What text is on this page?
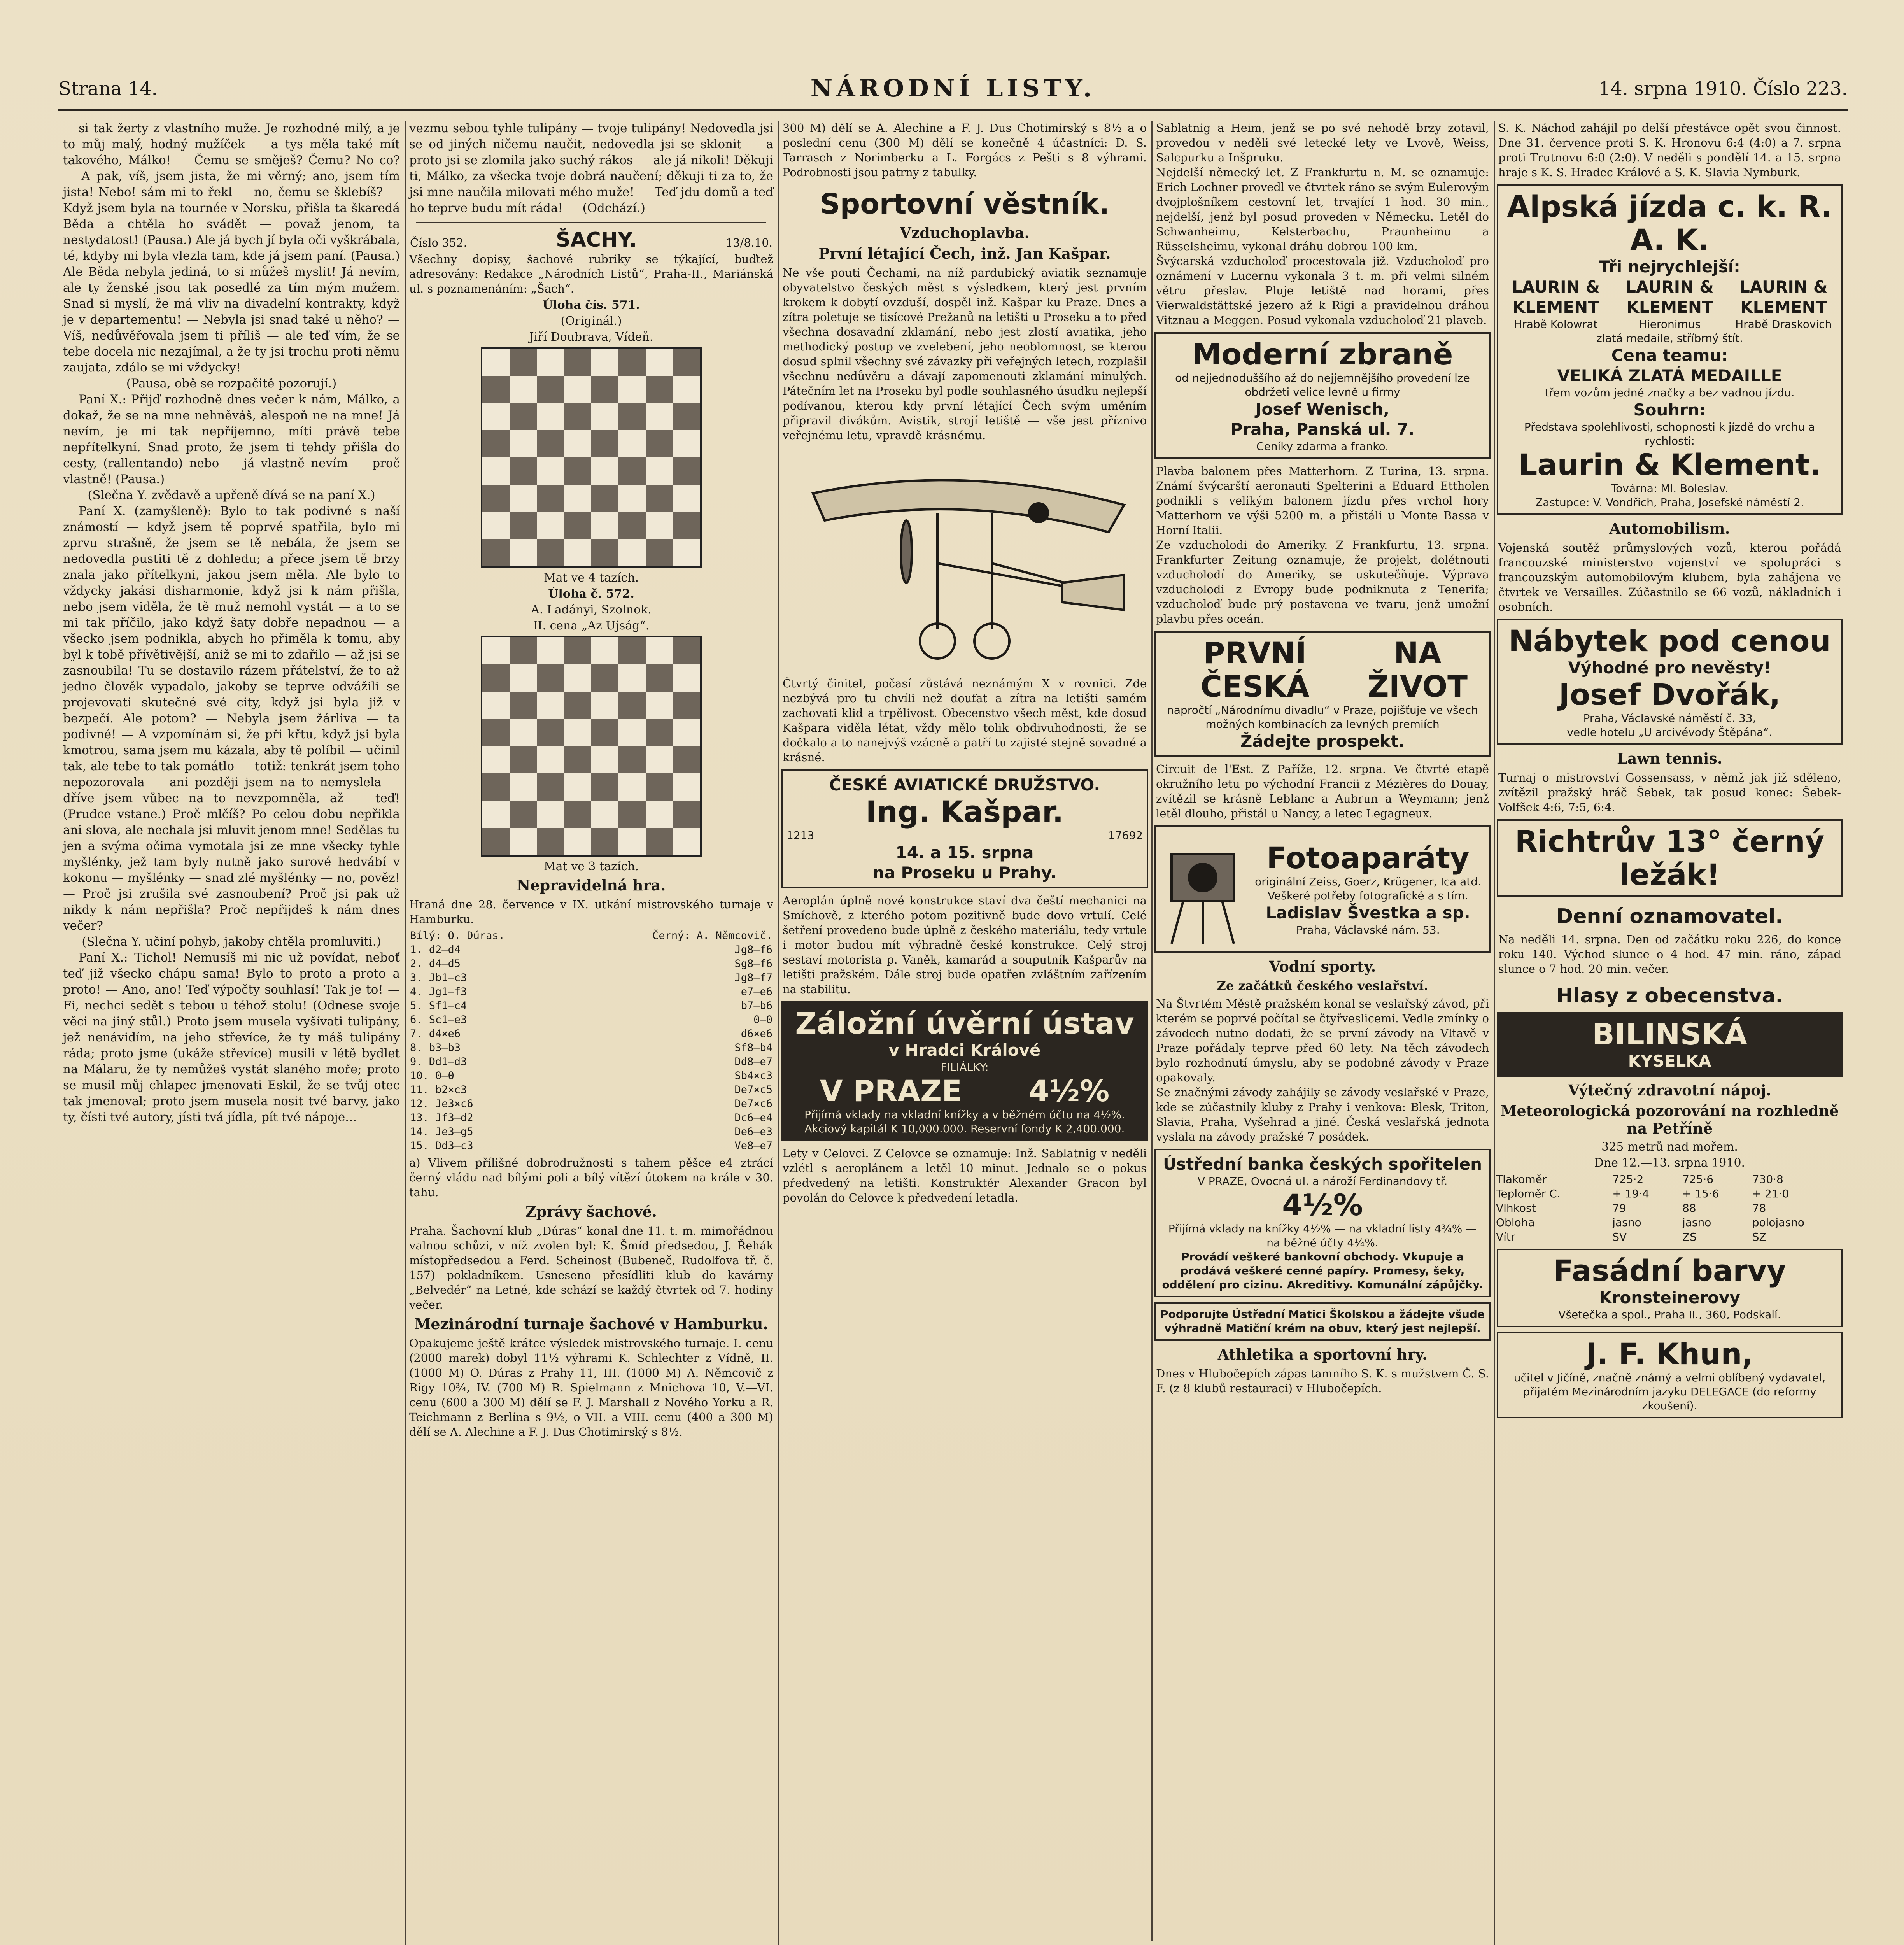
Strana 14.	NÁRODNÍ LISTY.	14. srpna 1910. Číslo 223.

si tak žerty z vlastního muže. Je rozhodně milý, a je to můj malý, hodný mužíček — a tys měla také mít takového, Málko! — Čemu se směješ? Čemu? No co? — A pak, víš, jsem jista, že mi věrný; ano, jsem tím jista! Nebo! sám mi to řekl — no, čemu se šklebíš? — Když jsem byla na tournée v Norsku, přišla ta škaredá Běda a chtěla ho svádět — považ jenom, ta nestydatost! (Pausa.) Ale já bych jí byla oči vyškrábala, té, kdyby mi byla vlezla tam, kde já jsem paní. (Pausa.) Ale Běda nebyla jediná, to si můžeš myslit! Já nevím, ale ty ženské jsou tak posedlé za tím mým mužem. Snad si myslí, že má vliv na divadelní kontrakty, když je v departementu! — Nebyla jsi snad také u něho? — Víš, nedůvěřovala jsem ti příliš — ale teď vím, že se tebe docela nic nezajímal, a že ty jsi trochu proti němu zaujata, zdálo se mi vždycky!

(Pausa, obě se rozpačitě pozorují.)

Paní X.: Přijď rozhodně dnes večer k nám, Málko, a dokaž, že se na mne nehněváš, alespoň ne na mne! Já nevím, je mi tak nepříjemno, míti právě tebe nepřítelkyní. Snad proto, že jsem ti tehdy přišla do cesty, (rallentando) nebo — já vlastně nevím — proč vlastně! (Pausa.)

(Slečna Y. zvědavě a upřeně dívá se na paní X.)

Paní X. (zamyšleně): Bylo to tak podivné s naší známostí — když jsem tě poprvé spatřila, bylo mi zprvu strašně, že jsem se tě nebála, že jsem se nedovedla pustiti tě z dohledu; a přece jsem tě brzy znala jako přítelkyni, jakou jsem měla. Ale bylo to vždycky jakási disharmonie, když jsi k nám přišla, nebo jsem viděla, že tě muž nemohl vystát — a to se mi tak příčilo, jako když šaty dobře nepadnou — a všecko jsem podnikla, abych ho přiměla k tomu, aby byl k tobě přívětivější, aniž se mi to zdařilo — až jsi se zasnoubila! Tu se dostavilo rázem přátelství, že to až jedno člověk vypadalo, jakoby se teprve odvážili se projevovati skutečné své city, když jsi byla již v bezpečí. Ale potom? — Nebyla jsem žárliva — ta podivné! — A vzpomínám si, že při křtu, když jsi byla kmotrou, sama jsem mu kázala, aby tě políbil — učinil tak, ale tebe to tak pomátlo — totiž: tenkrát jsem toho nepozorovala — ani později jsem na to nemyslela — dříve jsem vůbec na to nevzpomněla, až — teď! (Prudce vstane.) Proč mlčíš? Po celou dobu nepřikla ani slova, ale nechala jsi mluvit jenom mne! Sedělas tu jen a svýma očima vymotala jsi ze mne všecky tyhle myšlénky, jež tam byly nutně jako surové hedvábí v kokonu — myšlénky — snad zlé myšlénky — no, pověz! — Proč jsi zrušila své zasnoubení? Proč jsi pak už nikdy k nám nepřišla? Proč nepřijdeš k nám dnes večer?

(Slečna Y. učiní pohyb, jakoby chtěla promluviti.)

Paní X.: Tichol! Nemusíš mi nic už povídat, neboť teď již všecko chápu sama! Bylo to proto a proto a proto! — Ano, ano! Teď výpočty souhlasí! Tak je to! — Fi, nechci sedět s tebou u téhož stolu! (Odnese svoje věci na jiný stůl.) Proto jsem musela vyšívati tulipány, jež nenávidím, na jeho střevíce, že ty máš tulipány ráda; proto jsme (ukáže střevíce) musili v létě bydlet na Málaru, že ty nemůžeš vystát slaného moře; proto se musil můj chlapec jmenovati Eskil, že se tvůj otec tak jmenoval; proto jsem musela nosit tvé barvy, jako ty, čísti tvé autory, jísti tvá jídla, pít tvé nápoje...

vezmu sebou tyhle tulipány — tvoje tulipány! Nedovedla jsi se od jiných ničemu naučit, nedovedla jsi se sklonit — a proto jsi se zlomila jako suchý rákos — ale já nikoli! Děkuji ti, Málko, za všecka tvoje dobrá naučení; děkuji ti za to, že jsi mne naučila milovati mého muže! — Teď jdu domů a teď ho teprve budu mít ráda! — (Odchází.)
Číslo 352.	ŠACHY.	13/8.10.
Všechny dopisy, šachové rubriky se týkající, buďtež adresovány: Redakce „Národních Listů“, Praha-II., Mariánská ul. s poznamenáním: „Šach“.
Úloha čís. 571.
(Originál.)
Jiří Doubrava, Vídeň.
Mat ve 4 tazích.
Úloha č. 572.
A. Ladányi, Szolnok.
II. cena „Az Ujság“.
Mat ve 3 tazích.
Nepravidelná hra.
Hraná dne 28. července v IX. utkání mistrovského turnaje v Hamburku.
Bílý: O. Dúras.	Černý: A. Němcovič.
1. d2—d4	Jg8—f6
2. d4—d5	Sg8—f6
3. Jb1—c3	Jg8—f7
4. Jg1—f3	e7—e6
5. Sf1—c4	b7—b6
6. Sc1—e3	0—0
7. d4×e6	d6×e6
8. b3—b3	Sf8—b4
9. Dd1—d3	Dd8—e7
10. 0—0	Sb4×c3
11. b2×c3	De7×c5
12. Je3×c6	De7×c6
13. Jf3—d2	Dc6—e4
14. Je3—g5	De6—e3
15. Dd3—c3	Ve8—e7
a) Vlivem přílišné dobrodružnosti s tahem pěšce e4 ztrácí černý vládu nad bílými poli a bílý vítězí útokem na krále v 30. tahu.
Zprávy šachové.
Praha. Šachovní klub „Dúras“ konal dne 11. t. m. mimořádnou valnou schůzi, v níž zvolen byl: K. Šmíd předsedou, J. Řehák místopředsedou a Ferd. Scheinost (Bubeneč, Rudolfova tř. č. 157) pokladníkem. Usneseno přesídliti klub do kavárny „Belvedér“ na Letné, kde schází se každý čtvrtek od 7. hodiny večer.
Mezinárodní turnaje šachové v Hamburku.
Opakujeme ještě krátce výsledek mistrovského turnaje. I. cenu (2000 marek) dobyl 11½ výhrami K. Schlechter z Vídně, II. (1000 M) O. Dúras z Prahy 11, III. (1000 M) A. Němcovič z Rigy 10¾, IV. (700 M) R. Spielmann z Mnichova 10, V.—VI. cenu (600 a 300 M) dělí se F. J. Marshall z Nového Yorku a R. Teichmann z Berlína s 9½, o VII. a VIII. cenu (400 a 300 M) dělí se A. Alechine a F. J. Dus Chotimirský s 8½.

300 M) dělí se A. Alechine a F. J. Dus Chotimirský s 8½ a o poslední cenu (300 M) dělí se konečně 4 účastníci: D. S. Tarrasch z Norimberku a L. Forgács z Pešti s 8 výhrami. Podrobnosti jsou patrny z tabulky.
Sportovní věstník.
Vzduchoplavba.
První létající Čech, inž. Jan Kašpar.
Ne vše pouti Čechami, na níž pardubický aviatik seznamuje obyvatelstvo českých měst s výsledkem, který jest prvním krokem k dobytí ovzduší, dospěl inž. Kašpar ku Praze. Dnes a zítra poletuje se tisícové Prežanů na letišti u Proseku a to před všechna dosavadní zklamání, nebo jest zlostí aviatika, jeho methodický postup ve zvelebení, jeho neoblomnost, se kterou dosud splnil všechny své závazky při veřejných letech, rozplašil všechnu nedůvěru a dávají zapomenouti zklamání minulých. Pátečním let na Proseku byl podle souhlasného úsudku nejlepší podívanou, kterou kdy první létající Čech svým uměním připravil divákům. Avistik, strojí letiště — vše jest příznivo veřejnému letu, vpravdě krásnému.
Čtvrtý činitel, počasí zůstává neznámým X v rovnici. Zde nezbývá pro tu chvíli než doufat a zítra na letišti samém zachovati klid a trpělivost. Obecenstvo všech měst, kde dosud Kašpara viděla létat, vždy mělo tolik obdivuhodnosti, že se dočkalo a to nanejvýš vzácně a patří tu zajisté stejně sovadné a krásné.
ČESKÉ AVIATICKÉ DRUŽSTVO.
Ing. Kašpar.
1213	17692
14. a 15. srpna
na Proseku u Prahy.
Aeroplán úplně nové konstrukce staví dva čeští mechanici na Smíchově, z kterého potom pozitivně bude dovo vrtulí. Celé šetření provedeno bude úplně z českého materiálu, tedy vrtule i motor budou mít výhradně české konstrukce. Celý stroj sestaví motorista p. Vaněk, kamarád a souputník Kašparův na letišti pražském. Dále stroj bude opatřen zvláštním zařízením na stabilitu.
Záložní úvěrní ústav
v Hradci Králové
FILIÁLKY:
V PRAZE 4½%
Přijímá vklady na vkladní knížky a v běžném účtu na 4½%. Akciový kapitál K 10,000.000. Reservní fondy K 2,400.000.
Lety v Celovci. Z Celovce se oznamuje: Inž. Sablatnig v neděli vzlétl s aeroplánem a letěl 10 minut. Jednalo se o pokus předvedený na letišti. Konstruktér Alexander Gracon byl povolán do Celovce k předvedení letadla.
Sablatnig a Heim, jenž se po své nehodě brzy zotavil, provedou v neděli své letecké lety ve Lvově, Weiss, Salcpurku a Inšpruku.
Nejdelší německý let. Z Frankfurtu n. M. se oznamuje: Erich Lochner provedl ve čtvrtek ráno se svým Eulerovým dvojplošníkem cestovní let, trvající 1 hod. 30 min., nejdelší, jenž byl posud proveden v Německu. Letěl do Schwanheimu, Kelsterbachu, Praunheimu a Rüsselsheimu, vykonal dráhu dobrou 100 km.
Švýcarská vzducholoď procestovala již. Vzducholoď pro oznámení v Lucernu vykonala 3 t. m. při velmi silném větru přeslav. Pluje letiště nad horami, přes Vierwaldstättské jezero až k Rigi a pravidelnou dráhou Vitznau a Meggen. Posud vykonala vzducholoď 21 plaveb.
Moderní zbraně
od nejjednoduššího až do nejjemnějšího provedení lze obdržeti velice levně u firmy
Josef Wenisch,
Praha, Panská ul. 7.
Ceníky zdarma a franko.
Plavba balonem přes Matterhorn. Z Turina, 13. srpna. Známí švýcarští aeronauti Spelterini a Eduard Ettholen podnikli s velikým balonem jízdu přes vrchol hory Matterhorn ve výši 5200 m. a přistáli u Monte Bassa v Horní Italii.
Ze vzducholodi do Ameriky. Z Frankfurtu, 13. srpna. Frankfurter Zeitung oznamuje, že projekt, dolétnouti vzducholodí do Ameriky, se uskutečňuje. Výprava vzducholodi z Evropy bude podniknuta z Tenerifa; vzducholoď bude prý postavena ve tvaru, jenž umožní plavbu přes oceán.
PRVNÍ ČESKÁ
NA ŽIVOT
napročtí „Národnímu divadlu“ v Praze, pojišťuje ve všech možných kombinacích za levných premiích
Žádejte prospekt.
Circuit de l'Est. Z Paříže, 12. srpna. Ve čtvrté etapě okružního letu po východní Francii z Mézières do Douay, zvítězil se krásně Leblanc a Aubrun a Weymann; jenž letěl dlouho, přistál u Nancy, a letec Legagneux.
Fotoaparáty
originální Zeiss, Goerz, Krügener, Ica atd. Veškeré potřeby fotografické a s tím.
Ladislav Švestka a sp.
Praha, Václavské nám. 53.
Vodní sporty.
Ze začátků českého veslařství.
Na Štvrtém Městě pražském konal se veslařský závod, při kterém se poprvé počítal se čtyřveslicemi. Vedle zmínky o závodech nutno dodati, že se první závody na Vltavě v Praze pořádaly teprve před 60 lety. Na těch závodech bylo rozhodnutí úmyslu, aby se podobné závody v Praze opakovaly.
Se značnými závody zahájily se závody veslařské v Praze, kde se zúčastnily kluby z Prahy i venkova: Blesk, Triton, Slavia, Praha, Vyšehrad a jiné. Česká veslařská jednota vyslala na závody pražské 7 posádek.
Ústřední banka českých spořitelen
V PRAZE, Ovocná ul. a nároží Ferdinandovy tř.
4½%
Přijímá vklady na knížky 4½% — na vkladní listy 4¾% — na běžné účty 4¼%.
Provádí veškeré bankovní obchody. Vkupuje a prodává veškeré cenné papíry. Promesy, šeky, oddělení pro cizinu. Akreditivy. Komunální zápůjčky.
Podporujte Ústřední Matici Školskou a žádejte všude výhradně Matiční krém na obuv, který jest nejlepší.
Athletika a sportovní hry.
Dnes v Hlubočepích zápas tamního S. K. s mužstvem Č. S. F. (z 8 klubů restauraci) v Hlubočepích.
S. K. Náchod zahájil po delší přestávce opět svou činnost. Dne 31. července proti S. K. Hronovu 6:4 (4:0) a 7. srpna proti Trutnovu 6:0 (2:0). V neděli s pondělí 14. a 15. srpna hraje s K. S. Hradec Králové a S. K. Slavia Nymburk.
Alpská jízda c. k. R. A. K.
Tři nejrychlejší:
LAURIN & KLEMENT
Hrabě Kolowrat
LAURIN & KLEMENT
Hieronimus
LAURIN & KLEMENT
Hrabě Draskovich
zlatá medaile, stříbrný štít.
Cena teamu:
VELIKÁ ZLATÁ MEDAILLE
třem vozům jedné značky a bez vadnou jízdu.
Souhrn:
Představa spolehlivosti, schopnosti k jízdě do vrchu a rychlosti:
Laurin & Klement.
Továrna: Ml. Boleslav.
Zastupce: V. Vondřich, Praha, Josefské náměstí 2.
Automobilism.
Vojenská soutěž průmyslových vozů, kterou pořádá francouzské ministerstvo vojenství ve spolupráci s francouzským automobilovým klubem, byla zahájena ve čtvrtek ve Versailles. Zúčastnilo se 66 vozů, nákladních i osobních.
Nábytek pod cenou
Výhodné pro nevěsty!
Josef Dvořák,
Praha, Václavské náměstí č. 33,
vedle hotelu „U arcivévody Štěpána“.
Lawn tennis.
Turnaj o mistrovství Gossensass, v němž jak již sděleno, zvítězil pražský hráč Šebek, tak posud konec: Šebek-Volfšek 4:6, 7:5, 6:4.
Richtrův 13° černý ležák!
Denní oznamovatel.
Na neděli 14. srpna. Den od začátku roku 226, do konce roku 140. Východ slunce o 4 hod. 47 min. ráno, západ slunce o 7 hod. 20 min. večer.
Hlasy z obecenstva.
BILINSKÁ
KYSELKA
Výtečný zdravotní nápoj.
Meteorologická pozorování na rozhledně na Petříně
325 metrů nad mořem.
Dne 12.—13. srpna 1910.
Tlakoměr	725·2	725·6	730·8
Teploměr C.	+ 19·4	+ 15·6	+ 21·0
Vlhkost	79	88	78
Obloha	jasno	jasno	polojasno
Vítr	SV	ZS	SZ
Fasádní barvy
Kronsteinerovy
Všetečka a spol., Praha II., 360, Podskalí.
J. F. Khun,
učitel v Jičíně, značně známý a velmi oblíbený vydavatel, přijatém Mezinárodním jazyku DELEGACE (do reformy zkoušení).
